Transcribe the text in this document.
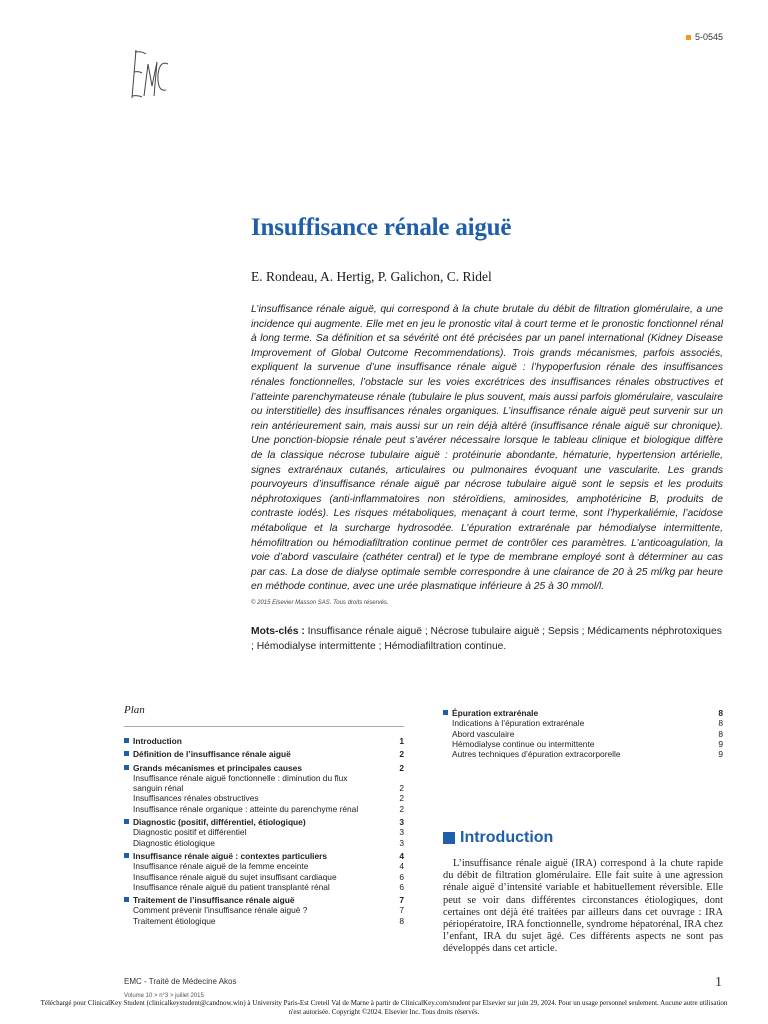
5-0545
Insuffisance rénale aiguë
E. Rondeau, A. Hertig, P. Galichon, C. Ridel

L’insuffisance rénale aiguë, qui correspond à la chute brutale du débit de filtration glomérulaire, a une incidence qui augmente. Elle met en jeu le pronostic vital à court terme et le pronostic fonctionnel rénal à long terme. Sa définition et sa sévérité ont été précisées par un panel international (Kidney Disease Improvement of Global Outcome Recommendations). Trois grands mécanismes, parfois associés, expliquent la survenue d’une insuffisance rénale aiguë : l’hypoperfusion rénale des insuffisances rénales fonctionnelles, l’obstacle sur les voies excrétrices des insuffisances rénales obstructives et l’atteinte parenchymateuse rénale (tubulaire le plus souvent, mais aussi parfois glomérulaire, vasculaire ou interstitielle) des insuffisances rénales organiques. L’insuffisance rénale aiguë peut survenir sur un rein antérieurement sain, mais aussi sur un rein déjà altéré (insuffisance rénale aiguë sur chronique). Une ponction-biopsie rénale peut s’avérer nécessaire lorsque le tableau clinique et biologique diffère de la classique nécrose tubulaire aiguë : protéinurie abondante, hématurie, hypertension artérielle, signes extrarénaux cutanés, articulaires ou pulmonaires évoquant une vascularite. Les grands pourvoyeurs d’insuffisance rénale aiguë par nécrose tubulaire aiguë sont le sepsis et les produits néphrotoxiques (anti-inflammatoires non stéroïdiens, aminosides, amphotéricine B, produits de contraste iodés). Les risques métaboliques, menaçant à court terme, sont l’hyperkaliémie, l’acidose métabolique et la surcharge hydrosodée. L’épuration extrarénale par hémodialyse intermittente, hémofiltration ou hémodiafiltration continue permet de contrôler ces paramètres. L’anticoagulation, la voie d’abord vasculaire (cathéter central) et le type de membrane employé sont à déterminer au cas par cas. La dose de dialyse optimale semble correspondre à une clairance de 20 à 25 ml/kg par heure en méthode continue, avec une urée plasmatique inférieure à 25 à 30 mmol/l.

© 2015 Elsevier Masson SAS. Tous droits réservés.
Mots-clés : Insuffisance rénale aiguë ; Nécrose tubulaire aiguë ; Sepsis ; Médicaments néphrotoxiques ; Hémodialyse intermittente ; Hémodiafiltration continue.
Plan
Introduction	1
Définition de l’insuffisance rénale aiguë	2
Grands mécanismes et principales causes	2
Insuffisance rénale aiguë fonctionnelle : diminution du flux
sanguin rénal	2
Insuffisances rénales obstructives	2
Insuffisance rénale organique : atteinte du parenchyme rénal	2
Diagnostic (positif, différentiel, étiologique)	3
Diagnostic positif et différentiel	3
Diagnostic étiologique	3
Insuffisance rénale aiguë : contextes particuliers	4
Insuffisance rénale aiguë de la femme enceinte	4
Insuffisance rénale aiguë du sujet insuffisant cardiaque	6
Insuffisance rénale aiguë du patient transplanté rénal	6
Traitement de l’insuffisance rénale aiguë	7
Comment prévenir l’insuffisance rénale aiguë ?	7
Traitement étiologique	8
Épuration extrarénale	8
Indications à l’épuration extrarénale	8
Abord vasculaire	8
Hémodialyse continue ou intermittente	9
Autres techniques d’épuration extracorporelle	9
Introduction

L’insuffisance rénale aiguë (IRA) correspond à la chute rapide du débit de filtration glomérulaire. Elle fait suite à une agression rénale aiguë d’intensité variable et habituellement réversible. Elle peut se voir dans différentes circonstances étiologiques, dont certaines ont déjà été traitées par ailleurs dans cet ouvrage : IRA périopératoire, IRA fonctionnelle, syndrome hépatorénal, IRA chez l’enfant, IRA du sujet âgé. Ces différents aspects ne sont pas développés dans cet article.

EMC - Traité de Médecine Akos
Volume 10 > n°3 > juillet 2015
1
Téléchargé pour ClinicalKey Student (clinicalkeystudent@candnow.win) à University Paris-Est Creteil Val de Marne à partir de ClinicalKey.com/student par Elsevier sur juin 29, 2024. Pour un usage personnel seulement. Aucune autre utilisation n'est autorisée. Copyright ©2024. Elsevier Inc. Tous droits réservés.
